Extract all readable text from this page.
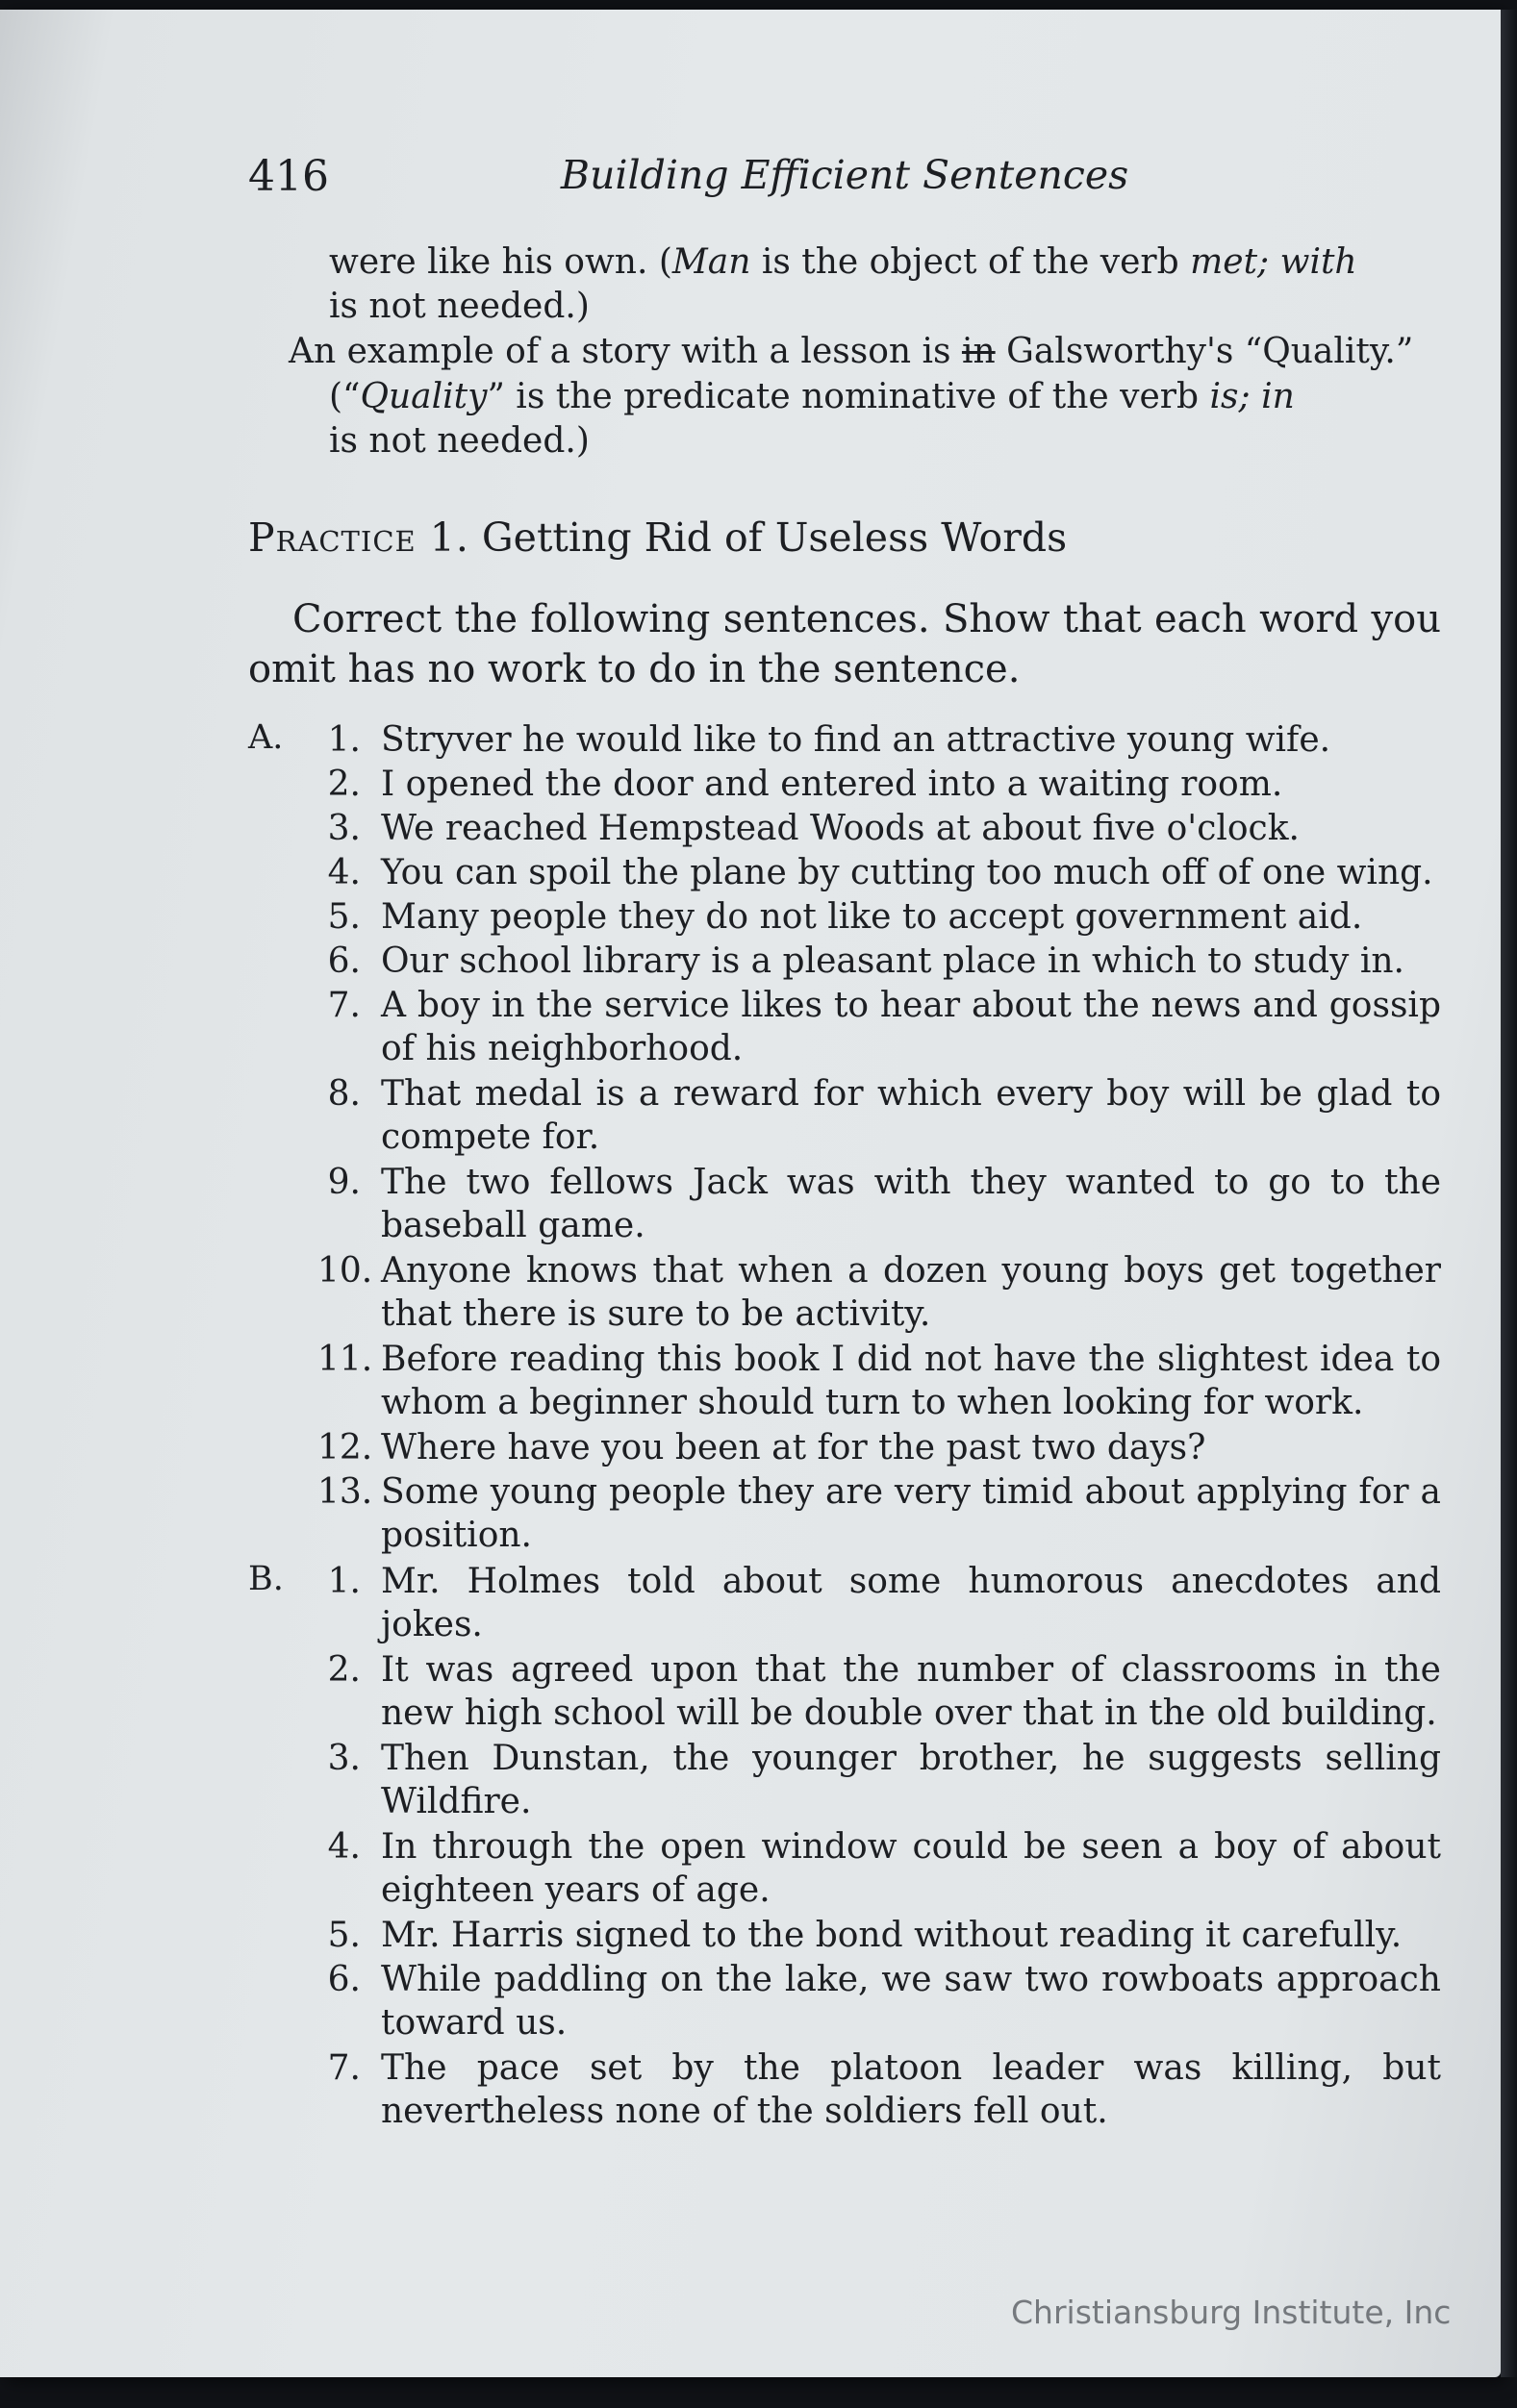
416	Building Efficient Sentences
were like his own. (Man is the object of the verb met; with
is not needed.)
An example of a story with a lesson is in Galsworthy's “Quality.”
(“Quality” is the predicate nominative of the verb is; in
is not needed.)
Practice 1. Getting Rid of Useless Words
Correct the following sentences. Show that each word you omit has no work to do in the sentence.
A. 1. Stryver he would like to find an attractive young wife.
2. I opened the door and entered into a waiting room.
3. We reached Hempstead Woods at about five o'clock.
4. You can spoil the plane by cutting too much off of one wing.
5. Many people they do not like to accept government aid.
6. Our school library is a pleasant place in which to study in.
7. A boy in the service likes to hear about the news and gossip of his neighborhood.
8. That medal is a reward for which every boy will be glad to compete for.
9. The two fellows Jack was with they wanted to go to the baseball game.
10. Anyone knows that when a dozen young boys get together that there is sure to be activity.
11. Before reading this book I did not have the slightest idea to whom a beginner should turn to when looking for work.
12. Where have you been at for the past two days?
13. Some young people they are very timid about applying for a position.
B. 1. Mr. Holmes told about some humorous anecdotes and jokes.
2. It was agreed upon that the number of classrooms in the new high school will be double over that in the old building.
3. Then Dunstan, the younger brother, he suggests selling Wildfire.
4. In through the open window could be seen a boy of about eighteen years of age.
5. Mr. Harris signed to the bond without reading it carefully.
6. While paddling on the lake, we saw two rowboats approach toward us.
7. The pace set by the platoon leader was killing, but nevertheless none of the soldiers fell out.
Christiansburg Institute, Inc
